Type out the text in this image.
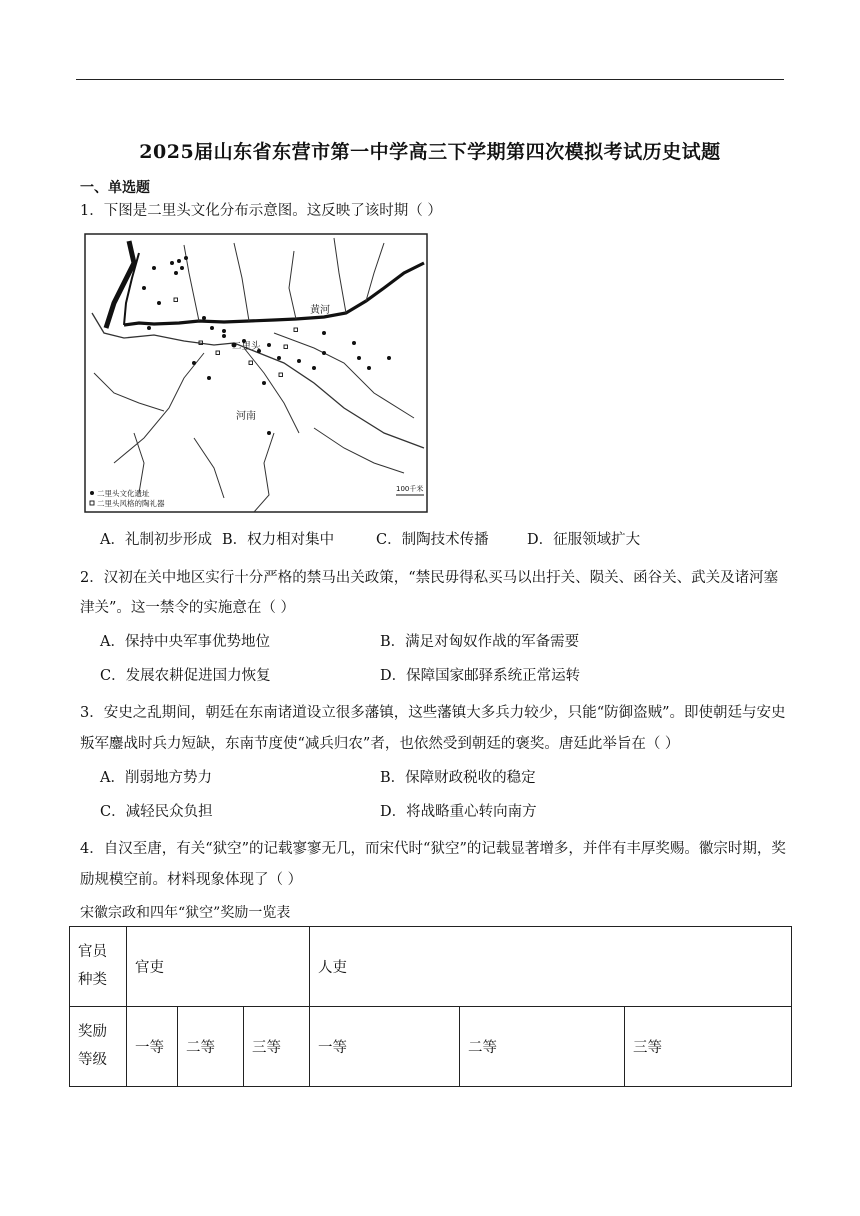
2025届山东省东营市第一中学高三下学期第四次模拟考试历史试题
一、单选题
1．下图是二里头文化分布示意图。这反映了该时期（ ）
黄河
二里头
河南
100千米
二里头文化遗址
二里头风格的陶礼器
A．礼制初步形成 B．权力相对集中	C．制陶技术传播	D．征服领域扩大
2．汉初在关中地区实行十分严格的禁马出关政策，“禁民毋得私买马以出扜关、陨关、函谷关、武关及诸河塞津关”。这一禁令的实施意在（ ）
A．保持中央军事优势地位	B．满足对匈奴作战的军备需要
C．发展农耕促进国力恢复	D．保障国家邮驿系统正常运转
3．安史之乱期间，朝廷在东南诸道设立很多藩镇，这些藩镇大多兵力较少，只能“防御盗贼”。即使朝廷与安史叛军鏖战时兵力短缺，东南节度使“减兵归农”者，也依然受到朝廷的褒奖。唐廷此举旨在（ ）
A．削弱地方势力	B．保障财政税收的稳定
C．减轻民众负担	D．将战略重心转向南方
4．自汉至唐，有关“狱空”的记载寥寥无几，而宋代时“狱空”的记载显著增多，并伴有丰厚奖赐。徽宗时期，奖励规模空前。材料现象体现了（ ）
宋徽宗政和四年“狱空”奖励一览表
官员
种类	官吏			人吏		

奖励
等级	一等	二等	三等	一等	二等	三等
